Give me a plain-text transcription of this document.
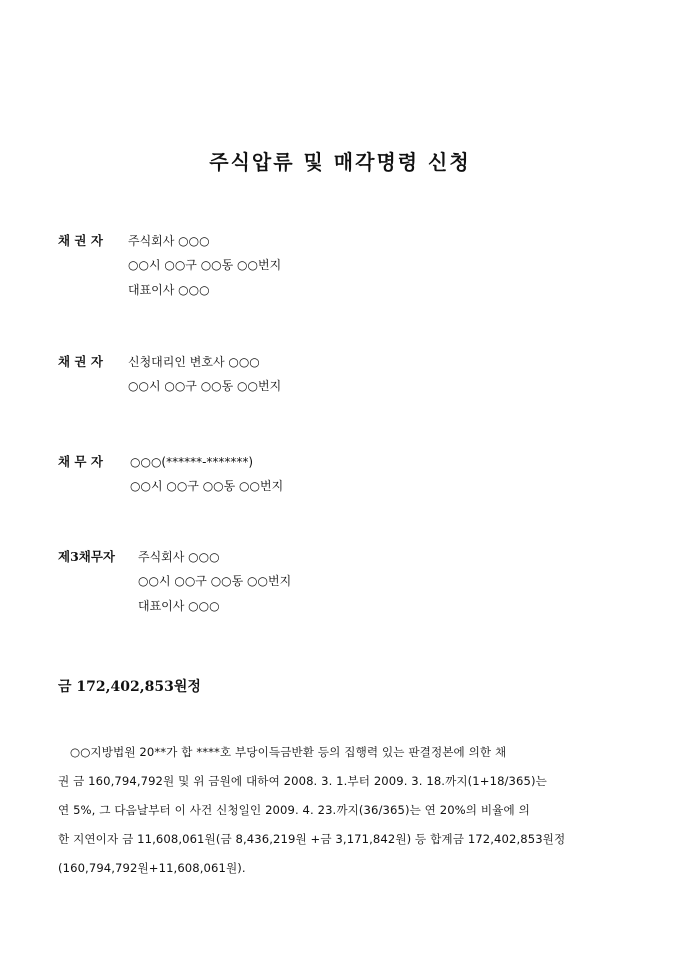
주식압류 및 매각명령 신청
채 권 자 주식회사 ○○○
○○시 ○○구 ○○동 ○○번지
대표이사 ○○○
채 권 자 신청대리인 변호사 ○○○
○○시 ○○구 ○○동 ○○번지
채 무 자 ○○○(******-*******)
○○시 ○○구 ○○동 ○○번지
제3채무자 주식회사 ○○○
○○시 ○○구 ○○동 ○○번지
대표이사 ○○○

금 172,402,853원정

○○지방법원 20**가 합 ****호 부당이득금반환 등의 집행력 있는 판결정본에 의한 채
권 금 160,794,792원 및 위 금원에 대하여 2008. 3. 1.부터 2009. 3. 18.까지(1+18/365)는
연 5%, 그 다음날부터 이 사건 신청일인 2009. 4. 23.까지(36/365)는 연 20%의 비율에 의
한 지연이자 금 11,608,061원(금 8,436,219원 +금 3,171,842원) 등 합계금 172,402,853원정
(160,794,792원+11,608,061원).
